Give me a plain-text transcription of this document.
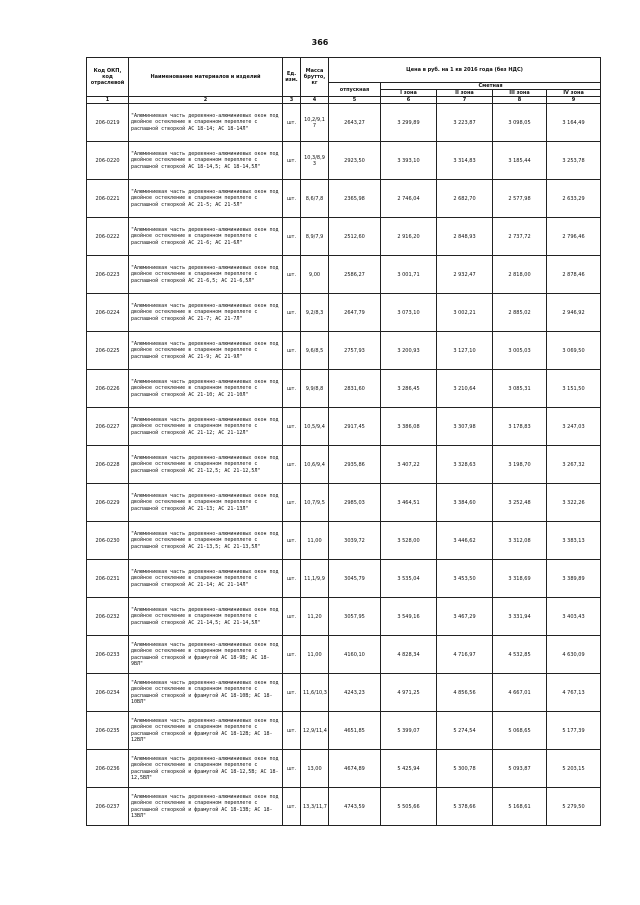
366
Код ОКП, код отраслевой	Наименование материалов и изделий	Ед. изм.	Масса брутто, кг	Цена в руб. на 1 кв 2016 года (без НДС)				
				отпускная	Сметная			
					I зона	II зона	III зона	IV зона
1	2	3	4	5	6	7	8	9
206-0219	"Алюминиевая часть деревянно-алюминиевых окон под двойное остекление в спаренном переплете с распашной створкой АС 18-14; АС 18-14Л"	шт.	10,2/9,1 7	2643,27	3 299,89	3 223,87	3 098,05	3 164,49
206-0220	"Алюминиевая часть деревянно-алюминиевых окон под двойное остекление в спаренном переплете с распашной створкой АС 18-14,5; АС 18-14,5Л"	шт.	10,3/8,9 3	2923,50	3 393,10	3 314,83	3 185,44	3 253,78
206-0221	"Алюминиевая часть деревянно-алюминиевых окон под двойное остекление в спаренном переплете с распашной створкой АС 21-5; АС 21-5Л"	шт.	8,6/7,8	2365,98	2 746,04	2 682,70	2 577,98	2 633,29
206-0222	"Алюминиевая часть деревянно-алюминиевых окон под двойное остекление в спаренном переплете с распашной створкой АС 21-6; АС 21-6Л"	шт.	8,9/7,9	2512,60	2 916,20	2 848,93	2 737,72	2 796,46
206-0223	"Алюминиевая часть деревянно-алюминиевых окон под двойное остекление в спаренном переплете с распашной створкой АС 21-6,5; АС 21-6,5Л"	шт.	9,00	2586,27	3 001,71	2 932,47	2 818,00	2 878,46
206-0224	"Алюминиевая часть деревянно-алюминиевых окон под двойное остекление в спаренном переплете с распашной створкой АС 21-7; АС 21-7Л"	шт.	9,2/8,3	2647,79	3 073,10	3 002,21	2 885,02	2 946,92
206-0225	"Алюминиевая часть деревянно-алюминиевых окон под двойное остекление в спаренном переплете с распашной створкой АС 21-9; АС 21-9Л"	шт.	9,6/8,5	2757,93	3 200,93	3 127,10	3 005,03	3 069,50
206-0226	"Алюминиевая часть деревянно-алюминиевых окон под двойное остекление в спаренном переплете с распашной створкой АС 21-10; АС 21-10Л"	шт.	9,9/8,8	2831,60	3 286,45	3 210,64	3 085,31	3 151,50
206-0227	"Алюминиевая часть деревянно-алюминиевых окон под двойное остекление в спаренном переплете с распашной створкой АС 21-12; АС 21-12Л"	шт.	10,5/9,4	2917,45	3 386,08	3 307,98	3 178,83	3 247,03
206-0228	"Алюминиевая часть деревянно-алюминиевых окон под двойное остекление в спаренном переплете с распашной створкой АС 21-12,5; АС 21-12,5Л"	шт.	10,6/9,4	2935,86	3 407,22	3 328,63	3 198,70	3 267,32
206-0229	"Алюминиевая часть деревянно-алюминиевых окон под двойное остекление в спаренном переплете с распашной створкой АС 21-13; АС 21-13Л"	шт.	10,7/9,5	2985,03	3 464,51	3 384,60	3 252,48	3 322,26
206-0230	"Алюминиевая часть деревянно-алюминиевых окон под двойное остекление в спаренном переплете с распашной створкой АС 21-13,5; АС 21-13,5Л"	шт.	11,00	3039,72	3 528,00	3 446,62	3 312,08	3 383,13
206-0231	"Алюминиевая часть деревянно-алюминиевых окон под двойное остекление в спаренном переплете с распашной створкой АС 21-14; АС 21-14Л"	шт.	11,1/9,9	3045,79	3 535,04	3 453,50	3 318,69	3 389,89
206-0232	"Алюминиевая часть деревянно-алюминиевых окон под двойное остекление в спаренном переплете с распашной створкой АС 21-14,5; АС 21-14,5Л"	шт.	11,20	3057,95	3 549,16	3 467,29	3 331,94	3 403,43
206-0233	"Алюминиевая часть деревянно-алюминиевых окон под двойное остекление в спаренном переплете с распашной створкой и фрамугой АС 18-9В; АС 18-9ВЛ"	шт.	11,00	4160,10	4 828,34	4 716,97	4 532,85	4 630,09
206-0234	"Алюминиевая часть деревянно-алюминиевых окон под двойное остекление в спаренном переплете с распашной створкой и фрамугой АС 18-10В; АС 18-10ВЛ"	шт.	11,6/10,3	4243,23	4 971,25	4 856,56	4 667,01	4 767,13
206-0235	"Алюминиевая часть деревянно-алюминиевых окон под двойное остекление в спаренном переплете с распашной створкой и фрамугой АС 18-12В; АС 18-12ВЛ"	шт.	12,9/11,4	4651,85	5 399,07	5 274,54	5 068,65	5 177,39
206-0236	"Алюминиевая часть деревянно-алюминиевых окон под двойное остекление в спаренном переплете с распашной створкой и фрамугой АС 18-12,5В; АС 18-12,5ВЛ"	шт.	13,00	4674,89	5 425,94	5 300,78	5 093,87	5 203,15
206-0237	"Алюминиевая часть деревянно-алюминиевых окон под двойное остекление в спаренном переплете с распашной створкой и фрамугой АС 18-13В; АС 18-13ВЛ"	шт.	13,3/11,7	4743,59	5 505,66	5 378,66	5 168,61	5 279,50
